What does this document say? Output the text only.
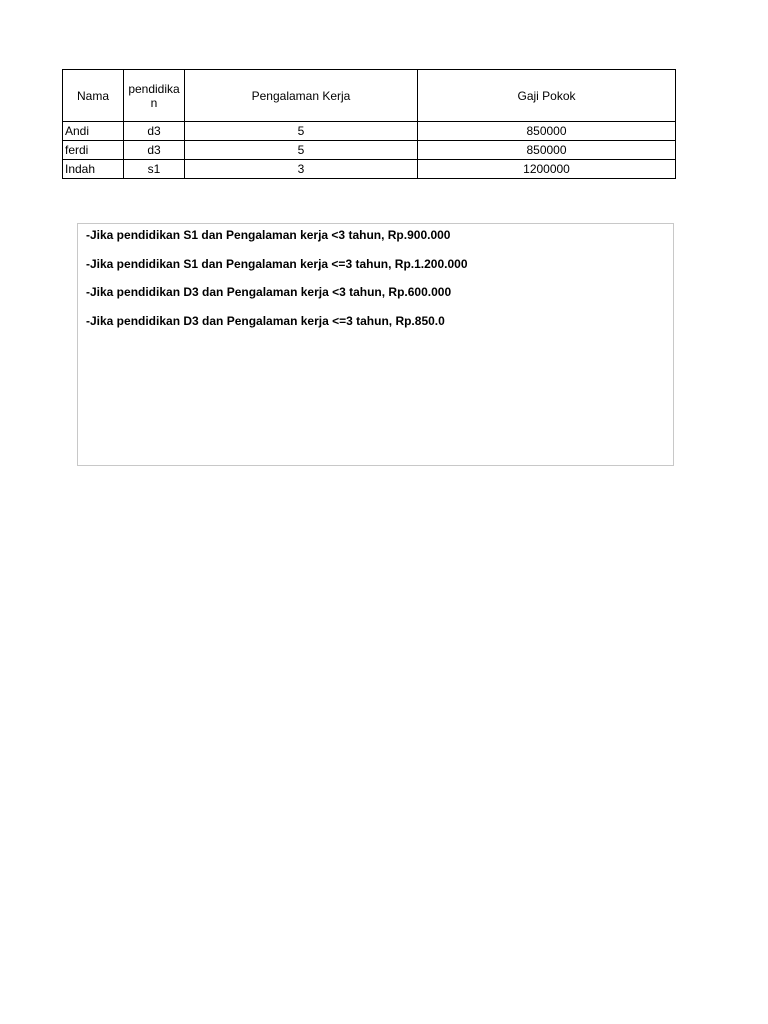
Nama	pendidikan	Pengalaman Kerja	Gaji Pokok
Andi	d3	5	850000
ferdi	d3	5	850000
Indah	s1	3	1200000

-Jika pendidikan S1 dan Pengalaman kerja <3 tahun, Rp.900.000

-Jika pendidikan S1 dan Pengalaman kerja <=3 tahun, Rp.1.200.000

-Jika pendidikan D3 dan Pengalaman kerja <3 tahun, Rp.600.000

-Jika pendidikan D3 dan Pengalaman kerja <=3 tahun, Rp.850.0
